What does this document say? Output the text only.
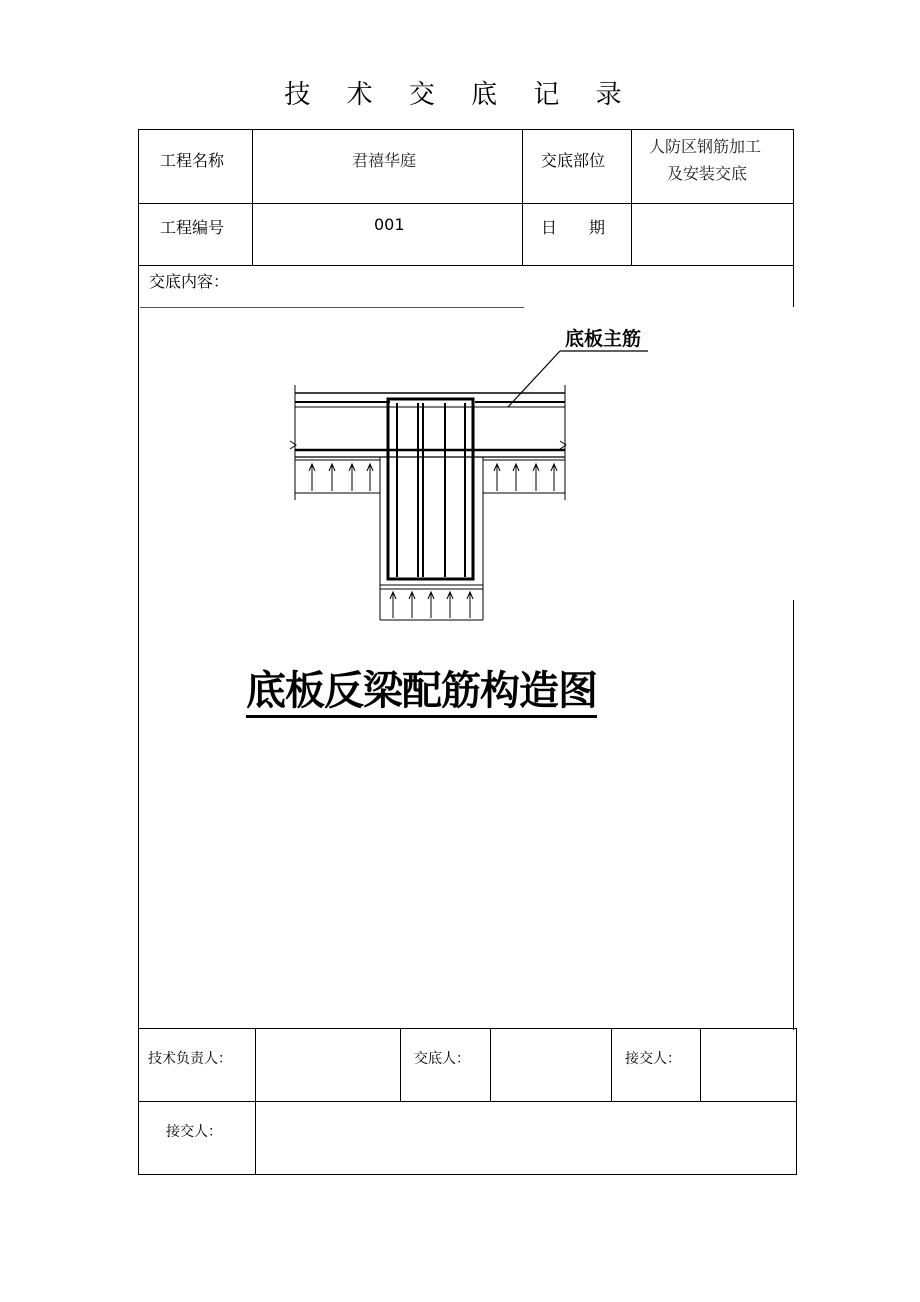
技 术 交 底 记 录
工程名称	君禧华庭	交底部位
人防区钢筋加工
及安装交底
工程编号	001	日　　期
交底内容：
底板主筋
底板反梁配筋构造图
技术负责人：	交底人：	接交人：
接交人：
